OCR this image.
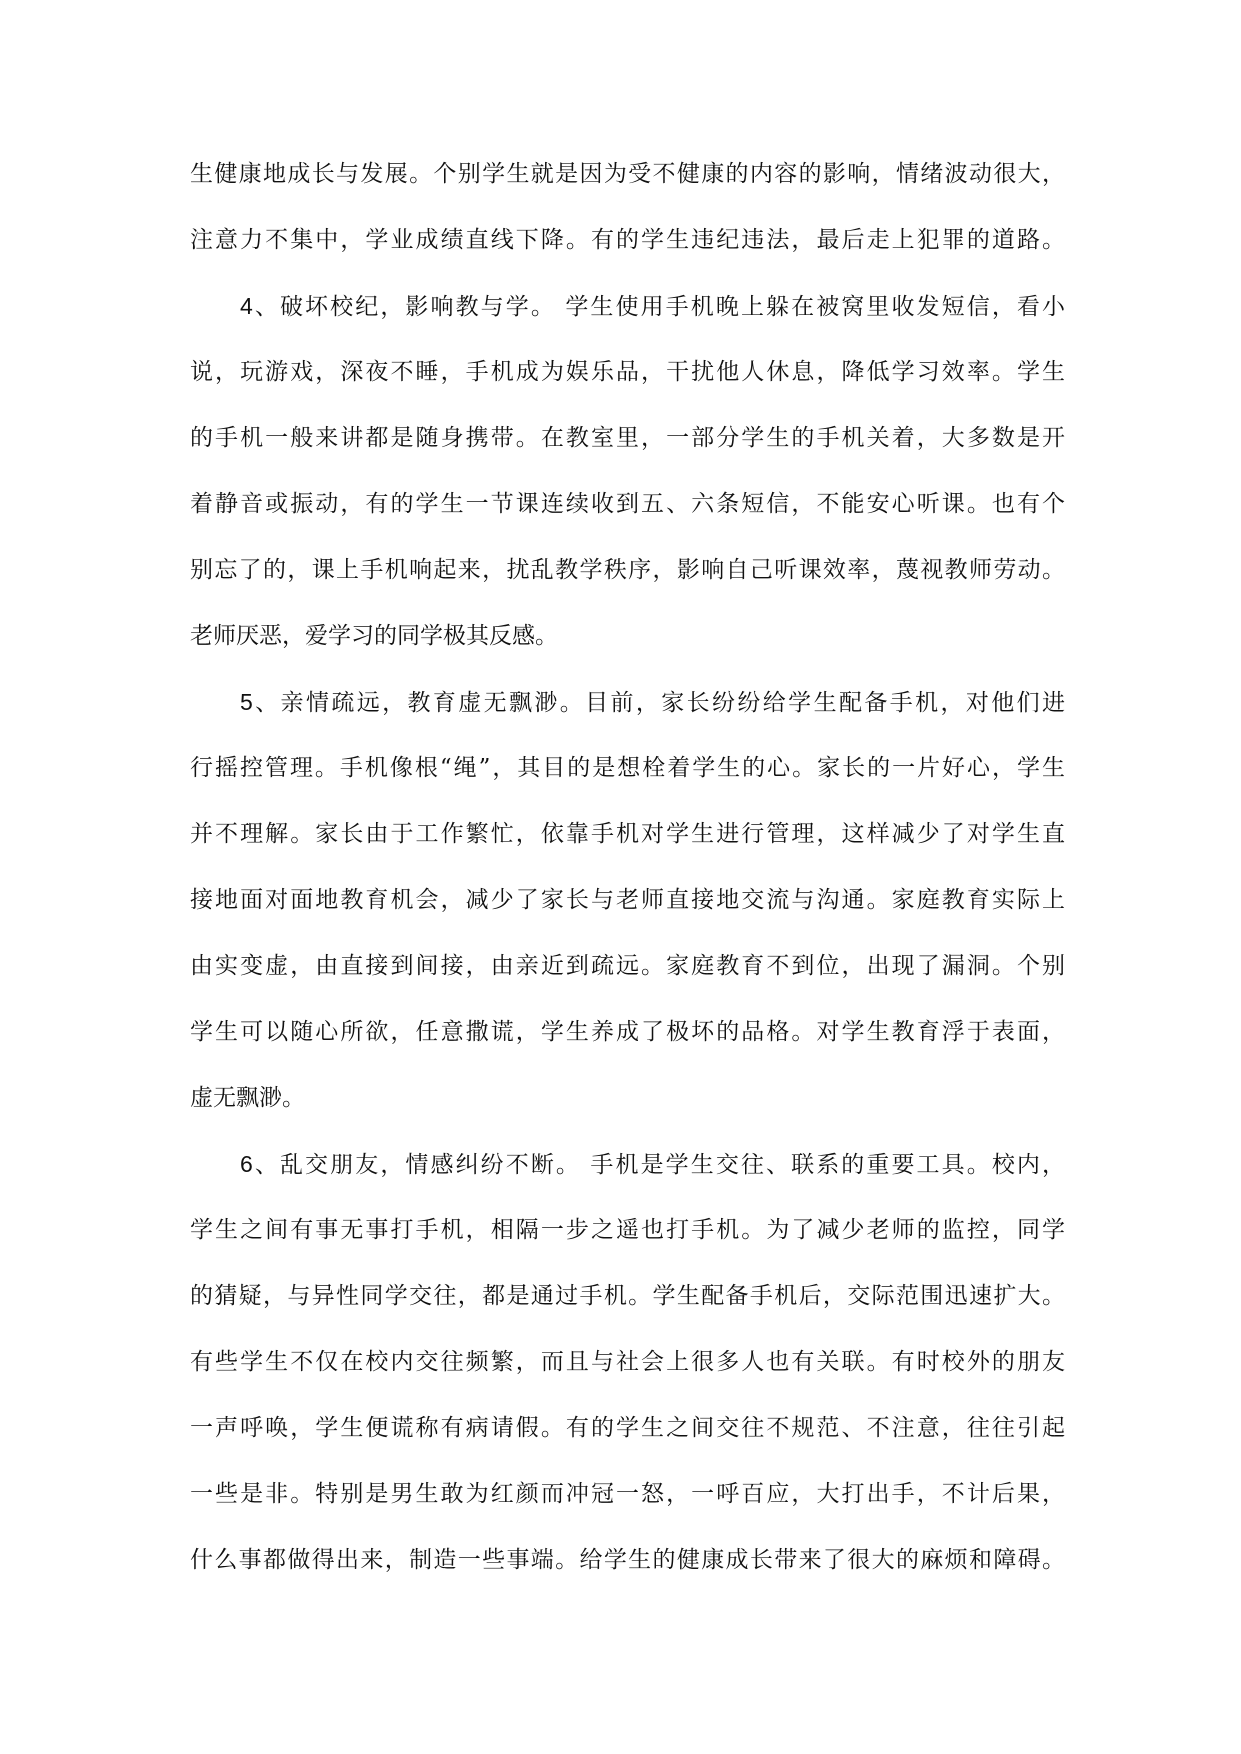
生健康地成长与发展。个别学生就是因为受不健康的内容的影响，情绪波动很大，
注意力不集中，学业成绩直线下降。有的学生违纪违法，最后走上犯罪的道路。
4、破坏校纪，影响教与学。 学生使用手机晚上躲在被窝里收发短信，看小
说，玩游戏，深夜不睡，手机成为娱乐品，干扰他人休息，降低学习效率。学生
的手机一般来讲都是随身携带。在教室里，一部分学生的手机关着，大多数是开
着静音或振动，有的学生一节课连续收到五、六条短信，不能安心听课。也有个
别忘了的，课上手机响起来，扰乱教学秩序，影响自己听课效率，蔑视教师劳动。
老师厌恶，爱学习的同学极其反感。
5、亲情疏远，教育虚无飘渺。目前，家长纷纷给学生配备手机，对他们进
行摇控管理。手机像根“绳”，其目的是想栓着学生的心。家长的一片好心，学生
并不理解。家长由于工作繁忙，依靠手机对学生进行管理，这样减少了对学生直
接地面对面地教育机会，减少了家长与老师直接地交流与沟通。家庭教育实际上
由实变虚，由直接到间接，由亲近到疏远。家庭教育不到位，出现了漏洞。个别
学生可以随心所欲，任意撒谎，学生养成了极坏的品格。对学生教育浮于表面，
虚无飘渺。
6、乱交朋友，情感纠纷不断。 手机是学生交往、联系的重要工具。校内，
学生之间有事无事打手机，相隔一步之遥也打手机。为了减少老师的监控，同学
的猜疑，与异性同学交往，都是通过手机。学生配备手机后，交际范围迅速扩大。
有些学生不仅在校内交往频繁，而且与社会上很多人也有关联。有时校外的朋友
一声呼唤，学生便谎称有病请假。有的学生之间交往不规范、不注意，往往引起
一些是非。特别是男生敢为红颜而冲冠一怒，一呼百应，大打出手，不计后果，
什么事都做得出来，制造一些事端。给学生的健康成长带来了很大的麻烦和障碍。
